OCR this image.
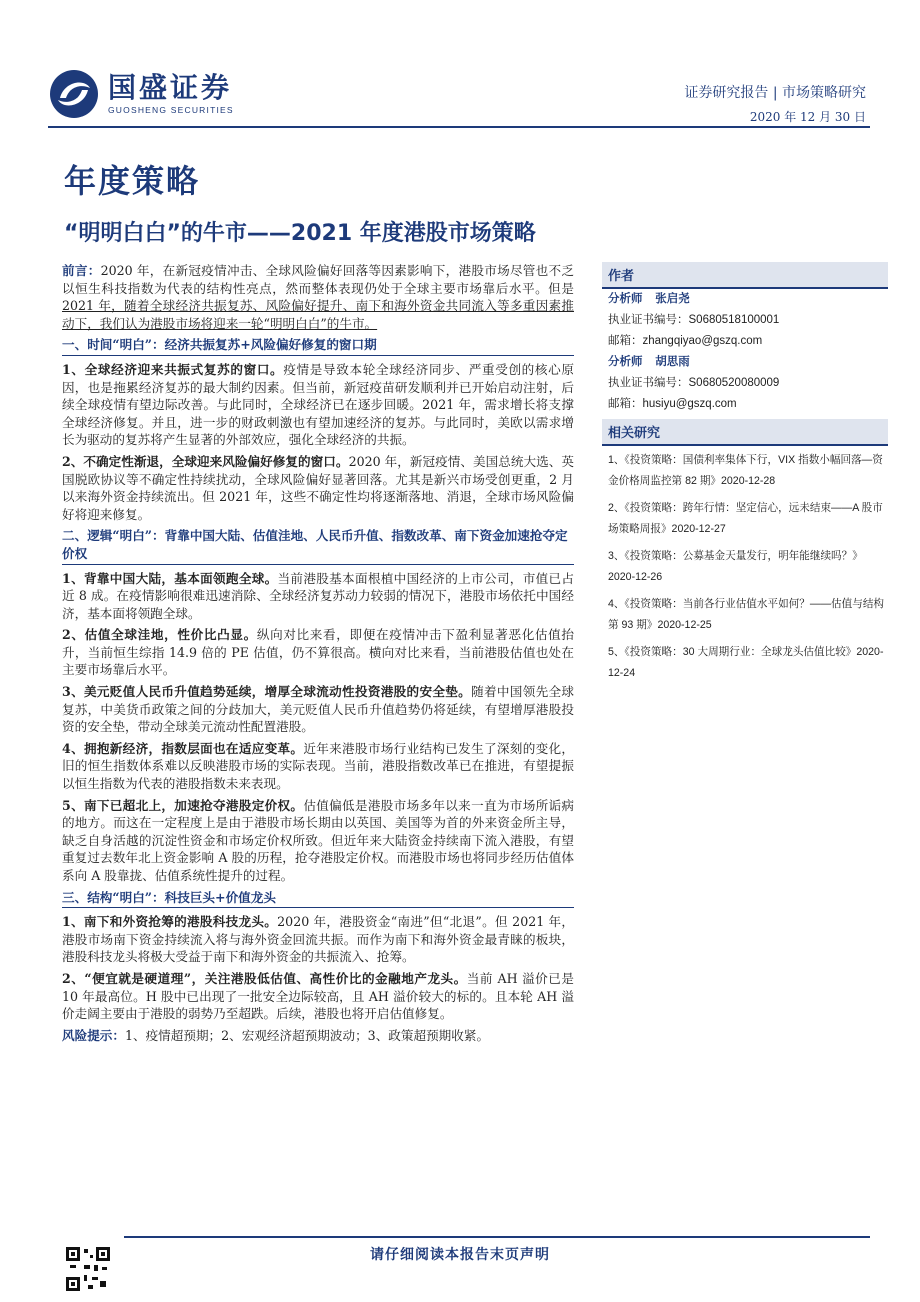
国盛证券
GUOSHENG SECURITIES
证券研究报告 | 市场策略研究
2020 年 12 月 30 日
年度策略
“明明白白”的牛市——2021 年度港股市场策略

前言：2020 年，在新冠疫情冲击、全球风险偏好回落等因素影响下，港股市场尽管也不乏以恒生科技指数为代表的结构性亮点，然而整体表现仍处于全球主要市场靠后水平。但是2021 年，随着全球经济共振复苏、风险偏好提升、南下和海外资金共同流入等多重因素推动下，我们认为港股市场将迎来一轮“明明白白”的牛市。

一、时间“明白”：经济共振复苏+风险偏好修复的窗口期

1、全球经济迎来共振式复苏的窗口。疫情是导致本轮全球经济同步、严重受创的核心原因，也是拖累经济复苏的最大制约因素。但当前，新冠疫苗研发顺利并已开始启动注射，后续全球疫情有望边际改善。与此同时，全球经济已在逐步回暖。2021 年，需求增长将支撑全球经济修复。并且，进一步的财政刺激也有望加速经济的复苏。与此同时，美欧以需求增长为驱动的复苏将产生显著的外部效应，强化全球经济的共振。

2、不确定性渐退，全球迎来风险偏好修复的窗口。2020 年，新冠疫情、美国总统大选、英国脱欧协议等不确定性持续扰动，全球风险偏好显著回落。尤其是新兴市场受创更重，2 月以来海外资金持续流出。但 2021 年，这些不确定性均将逐渐落地、消退，全球市场风险偏好将迎来修复。

二、逻辑“明白”：背靠中国大陆、估值洼地、人民币升值、指数改革、南下资金加速抢夺定价权

1、背靠中国大陆，基本面领跑全球。当前港股基本面根植中国经济的上市公司，市值已占近 8 成。在疫情影响很难迅速消除、全球经济复苏动力较弱的情况下，港股市场依托中国经济，基本面将领跑全球。

2、估值全球洼地，性价比凸显。纵向对比来看，即便在疫情冲击下盈利显著恶化估值抬升，当前恒生综指 14.9 倍的 PE 估值，仍不算很高。横向对比来看，当前港股估值也处在主要市场靠后水平。

3、美元贬值人民币升值趋势延续，增厚全球流动性投资港股的安全垫。随着中国领先全球复苏，中美货币政策之间的分歧加大，美元贬值人民币升值趋势仍将延续，有望增厚港股投资的安全垫，带动全球美元流动性配置港股。

4、拥抱新经济，指数层面也在适应变革。近年来港股市场行业结构已发生了深刻的变化，旧的恒生指数体系难以反映港股市场的实际表现。当前，港股指数改革已在推进，有望提振以恒生指数为代表的港股指数未来表现。

5、南下已超北上，加速抢夺港股定价权。估值偏低是港股市场多年以来一直为市场所诟病的地方。而这在一定程度上是由于港股市场长期由以英国、美国等为首的外来资金所主导，缺乏自身活越的沉淀性资金和市场定价权所致。但近年来大陆资金持续南下流入港股，有望重复过去数年北上资金影响 A 股的历程，抢夺港股定价权。而港股市场也将同步经历估值体系向 A 股靠拢、估值系统性提升的过程。

三、结构“明白”：科技巨头+价值龙头

1、南下和外资抢筹的港股科技龙头。2020 年，港股资金“南进”但“北退”。但 2021 年，港股市场南下资金持续流入将与海外资金回流共振。而作为南下和海外资金最青睐的板块，港股科技龙头将极大受益于南下和海外资金的共振流入、抢筹。

2、“便宜就是硬道理”，关注港股低估值、高性价比的金融地产龙头。当前 AH 溢价已是 10 年最高位。H 股中已出现了一批安全边际较高，且 AH 溢价较大的标的。且本轮 AH 溢价走阔主要由于港股的弱势乃至超跌。后续，港股也将开启估值修复。

风险提示：1、疫情超预期；2、宏观经济超预期波动；3、政策超预期收紧。

作者
分析师 张启尧
执业证书编号：S0680518100001
邮箱：zhangqiyao@gszq.com
分析师 胡思雨
执业证书编号：S0680520080009
邮箱：husiyu@gszq.com
相关研究
1、《投资策略：国债利率集体下行，VIX 指数小幅回落—资金价格周监控第 82 期》2020-12-28
2、《投资策略：跨年行情：坚定信心，远未结束——A 股市场策略周报》2020-12-27
3、《投资策略：公募基金天量发行，明年能继续吗？》2020-12-26
4、《投资策略：当前各行业估值水平如何？——估值与结构第 93 期》2020-12-25
5、《投资策略：30 大周期行业：全球龙头估值比较》2020-12-24
请仔细阅读本报告末页声明
